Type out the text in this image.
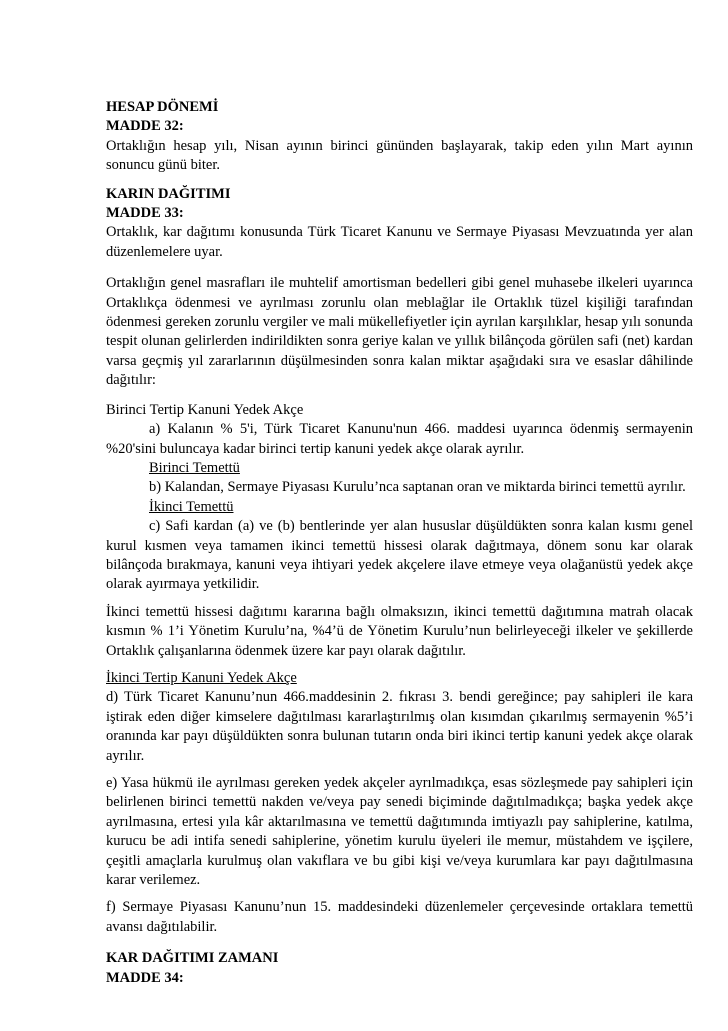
HESAP DÖNEMİ

MADDE 32:

Ortaklığın hesap yılı, Nisan ayının birinci gününden başlayarak, takip eden yılın Mart ayının sonuncu günü biter.

KARIN DAĞITIMI

MADDE 33:

Ortaklık, kar dağıtımı konusunda Türk Ticaret Kanunu ve Sermaye Piyasası Mevzuatında yer alan düzenlemelere uyar.

Ortaklığın genel masrafları ile muhtelif amortisman bedelleri gibi genel muhasebe ilkeleri uyarınca Ortaklıkça ödenmesi ve ayrılması zorunlu olan meblağlar ile Ortaklık tüzel kişiliği tarafından ödenmesi gereken zorunlu vergiler ve mali mükellefiyetler için ayrılan karşılıklar, hesap yılı sonunda tespit olunan gelirlerden indirildikten sonra geriye kalan ve yıllık bilânçoda görülen safi (net) kardan varsa geçmiş yıl zararlarının düşülmesinden sonra kalan miktar aşağıdaki sıra ve esaslar dâhilinde dağıtılır:

Birinci Tertip Kanuni Yedek Akçe

a) Kalanın % 5'i, Türk Ticaret Kanunu'nun 466. maddesi uyarınca ödenmiş sermayenin %20'sini buluncaya kadar birinci tertip kanuni yedek akçe olarak ayrılır.

Birinci Temettü

b) Kalandan, Sermaye Piyasası Kurulu’nca saptanan oran ve miktarda birinci temettü ayrılır.

İkinci Temettü

c) Safi kardan (a) ve (b) bentlerinde yer alan hususlar düşüldükten sonra kalan kısmı genel kurul kısmen veya tamamen ikinci temettü hissesi olarak dağıtmaya, dönem sonu kar olarak bilânçoda bırakmaya, kanuni veya ihtiyari yedek akçelere ilave etmeye veya olağanüstü yedek akçe olarak ayırmaya yetkilidir.

İkinci temettü hissesi dağıtımı kararına bağlı olmaksızın, ikinci temettü dağıtımına matrah olacak kısmın % 1’i Yönetim Kurulu’na, %4’ü de Yönetim Kurulu’nun belirleyeceği ilkeler ve şekillerde Ortaklık çalışanlarına ödenmek üzere kar payı olarak dağıtılır.

İkinci Tertip Kanuni Yedek Akçe

d) Türk Ticaret Kanunu’nun 466.maddesinin 2. fıkrası 3. bendi gereğince; pay sahipleri ile kara iştirak eden diğer kimselere dağıtılması kararlaştırılmış olan kısımdan çıkarılmış sermayenin %5’i oranında kar payı düşüldükten sonra bulunan tutarın onda biri ikinci tertip kanuni yedek akçe olarak ayrılır.

e) Yasa hükmü ile ayrılması gereken yedek akçeler ayrılmadıkça, esas sözleşmede pay sahipleri için belirlenen birinci temettü nakden ve/veya pay senedi biçiminde dağıtılmadıkça; başka yedek akçe ayrılmasına, ertesi yıla kâr aktarılmasına ve temettü dağıtımında imtiyazlı pay sahiplerine, katılma, kurucu be adi intifa senedi sahiplerine, yönetim kurulu üyeleri ile memur, müstahdem ve işçilere, çeşitli amaçlarla kurulmuş olan vakıflara ve bu gibi kişi ve/veya kurumlara kar payı dağıtılmasına karar verilemez.

f) Sermaye Piyasası Kanunu’nun 15. maddesindeki düzenlemeler çerçevesinde ortaklara temettü avansı dağıtılabilir.

KAR DAĞITIMI ZAMANI

MADDE 34:
